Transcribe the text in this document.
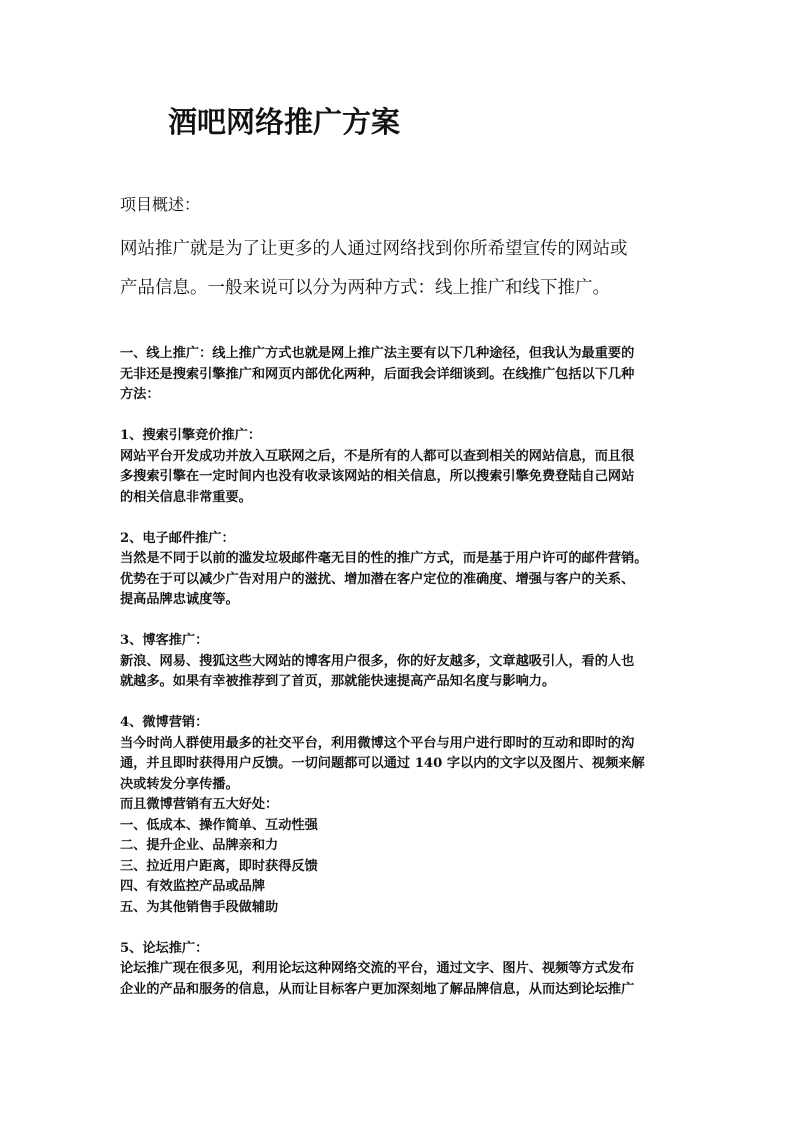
酒吧网络推广方案
项目概述：

网站推广就是为了让更多的人通过网络找到你所希望宣传的网站或

产品信息。一般来说可以分为两种方式：线上推广和线下推广。

一、线上推广：线上推广方式也就是网上推广法主要有以下几种途径，但我认为最重要的

无非还是搜索引擎推广和网页内部优化两种，后面我会详细谈到。在线推广包括以下几种

方法：

1、搜索引擎竞价推广：

网站平台开发成功并放入互联网之后，不是所有的人都可以查到相关的网站信息，而且很

多搜索引擎在一定时间内也没有收录该网站的相关信息，所以搜索引擎免费登陆自己网站

的相关信息非常重要。

2、电子邮件推广：

当然是不同于以前的滥发垃圾邮件毫无目的性的推广方式，而是基于用户许可的邮件营销。

优势在于可以减少广告对用户的滋扰、增加潜在客户定位的准确度、增强与客户的关系、

提高品牌忠诚度等。

3、博客推广：

新浪、网易、搜狐这些大网站的博客用户很多，你的好友越多，文章越吸引人，看的人也

就越多。如果有幸被推荐到了首页，那就能快速提高产品知名度与影响力。

4、微博营销：

当今时尚人群使用最多的社交平台，利用微博这个平台与用户进行即时的互动和即时的沟

通，并且即时获得用户反馈。一切问题都可以通过 140 字以内的文字以及图片、视频来解

决或转发分享传播。

而且微博营销有五大好处：

一、低成本、操作简单、互动性强

二、提升企业、品牌亲和力

三、拉近用户距离，即时获得反馈

四、有效监控产品或品牌

五、为其他销售手段做辅助

5、论坛推广：

论坛推广现在很多见，利用论坛这种网络交流的平台，通过文字、图片、视频等方式发布

企业的产品和服务的信息，从而让目标客户更加深刻地了解品牌信息，从而达到论坛推广
